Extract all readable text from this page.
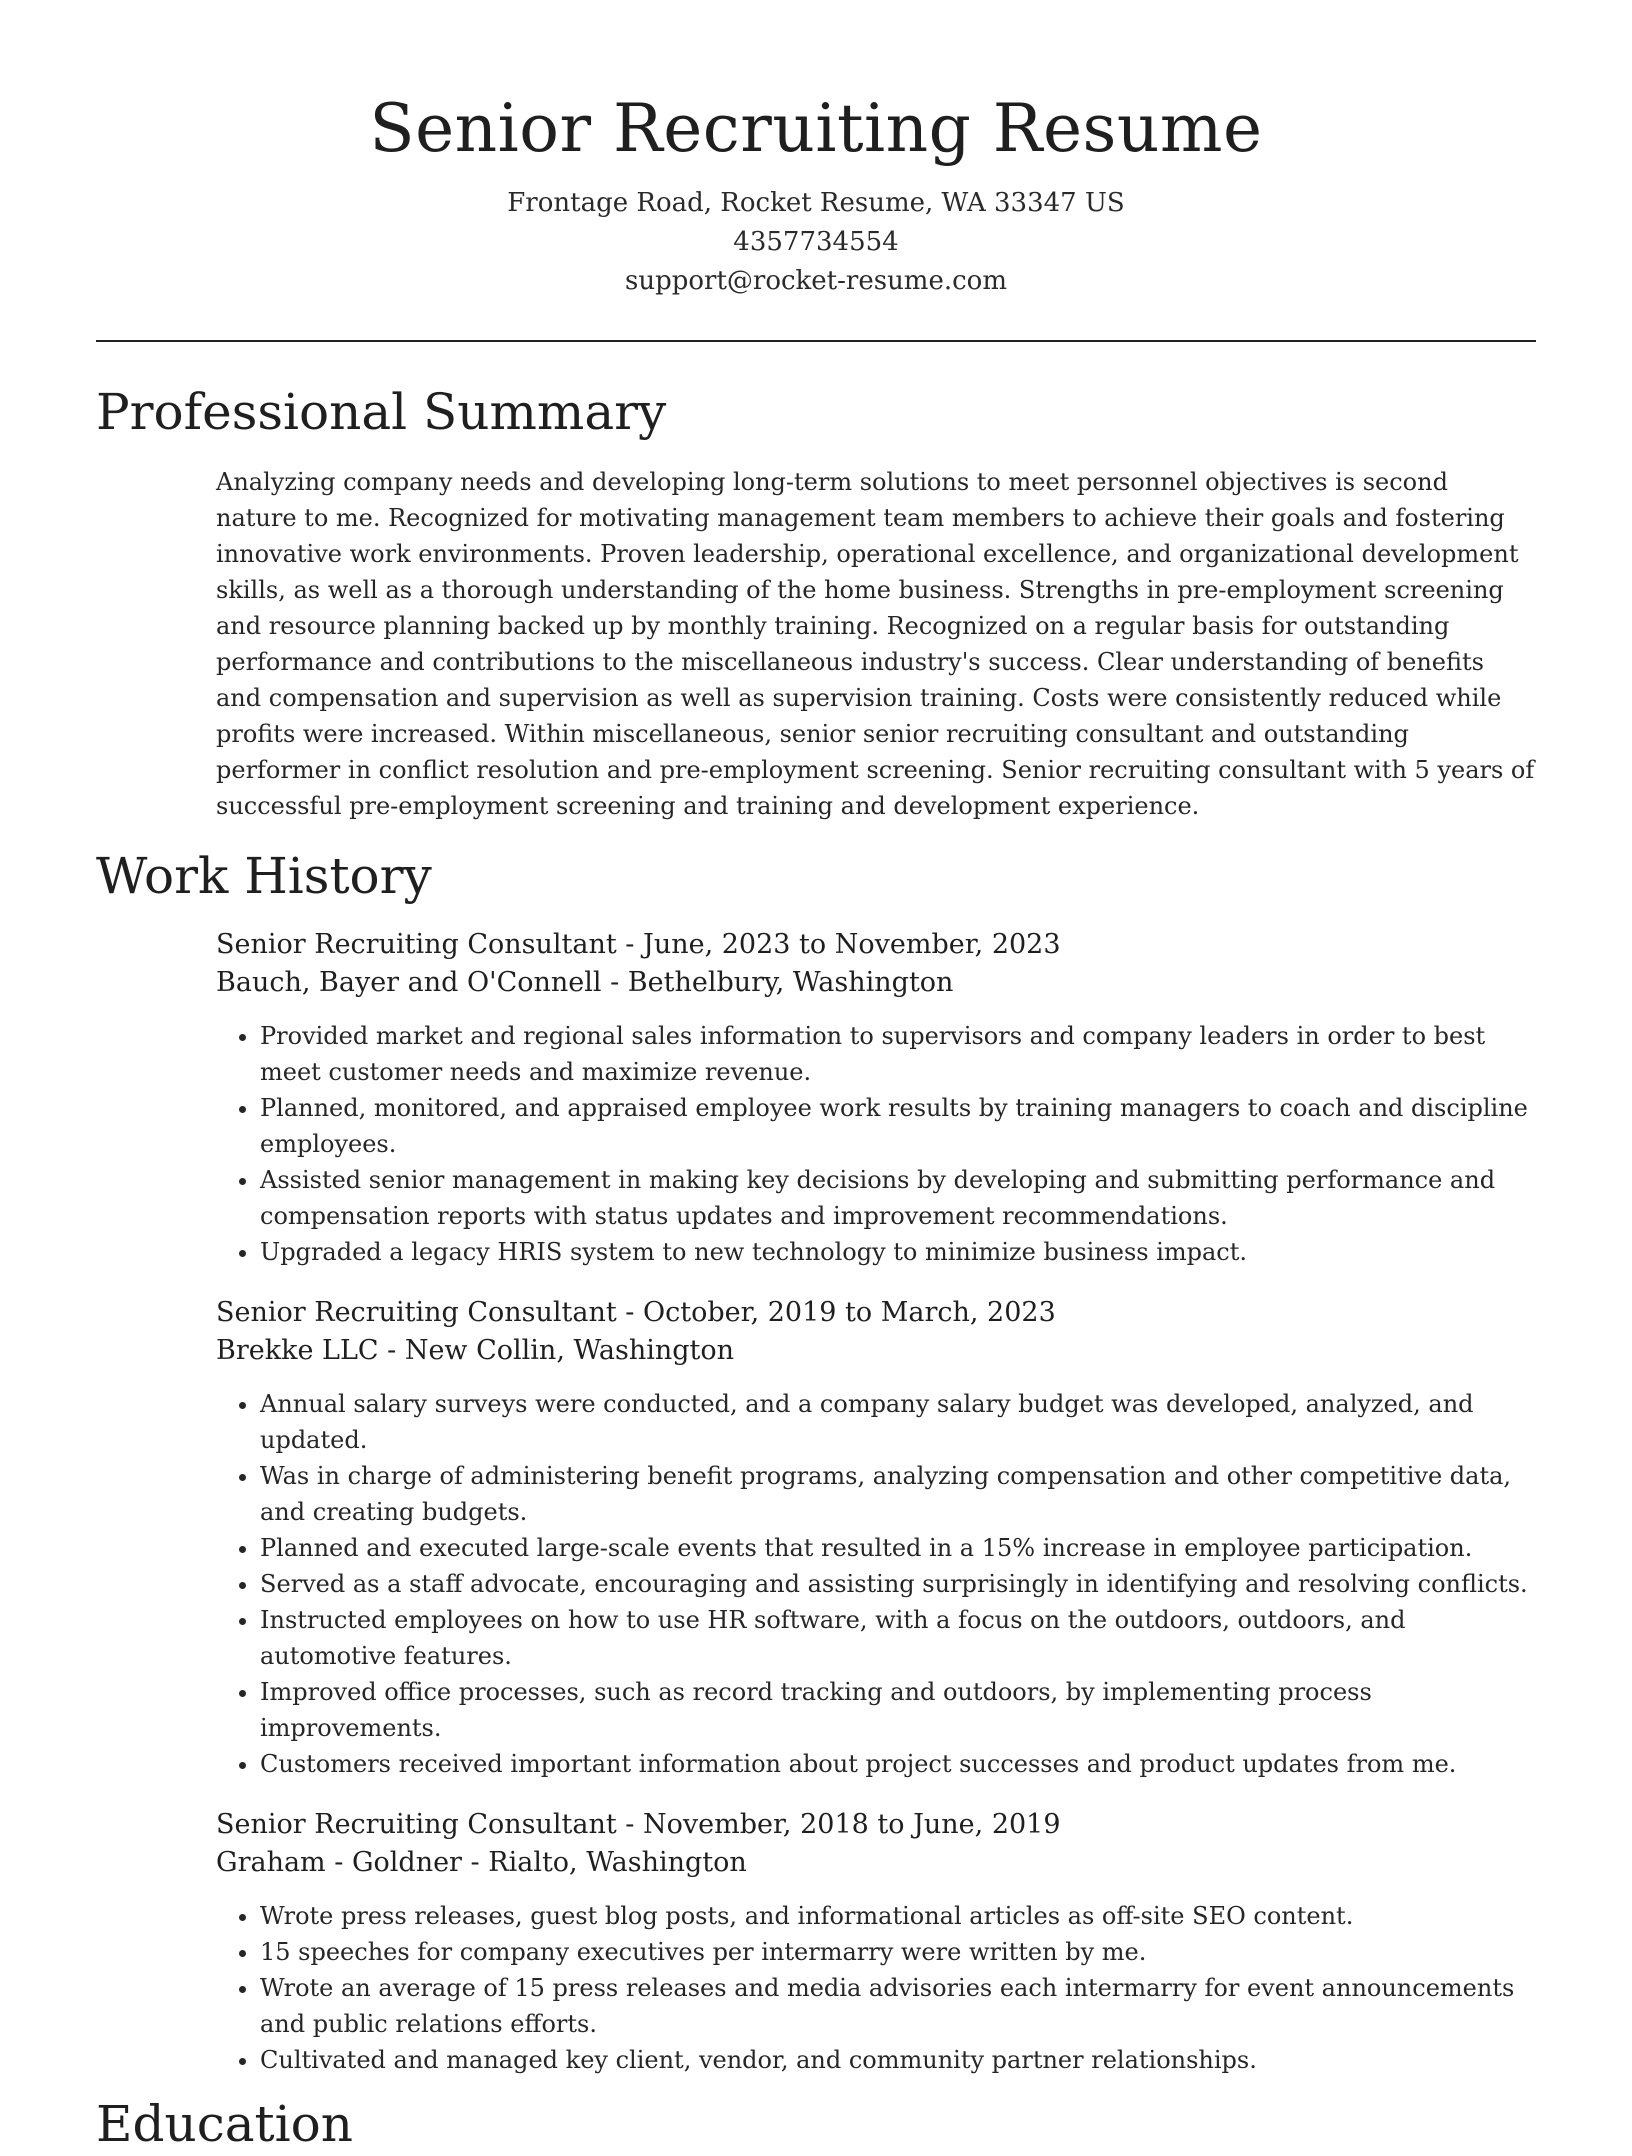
Senior Recruiting Resume
Frontage Road, Rocket Resume, WA 33347 US
4357734554
support@rocket-resume.com
Professional Summary
Analyzing company needs and developing long-term solutions to meet personnel objectives is second nature to me. Recognized for motivating management team members to achieve their goals and fostering innovative work environments. Proven leadership, operational excellence, and organizational development skills, as well as a thorough understanding of the home business. Strengths in pre-employment screening and resource planning backed up by monthly training. Recognized on a regular basis for outstanding performance and contributions to the miscellaneous industry's success. Clear understanding of benefits and compensation and supervision as well as supervision training. Costs were consistently reduced while profits were increased. Within miscellaneous, senior senior recruiting consultant and outstanding performer in conflict resolution and pre-employment screening. Senior recruiting consultant with 5 years of successful pre-employment screening and training and development experience.
Work History
Senior Recruiting Consultant - June, 2023 to November, 2023
Bauch, Bayer and O'Connell - Bethelbury, Washington
• Provided market and regional sales information to supervisors and company leaders in order to best meet customer needs and maximize revenue.
• Planned, monitored, and appraised employee work results by training managers to coach and discipline employees.
• Assisted senior management in making key decisions by developing and submitting performance and compensation reports with status updates and improvement recommendations.
• Upgraded a legacy HRIS system to new technology to minimize business impact.
Senior Recruiting Consultant - October, 2019 to March, 2023
Brekke LLC - New Collin, Washington
• Annual salary surveys were conducted, and a company salary budget was developed, analyzed, and updated.
• Was in charge of administering benefit programs, analyzing compensation and other competitive data, and creating budgets.
• Planned and executed large-scale events that resulted in a 15% increase in employee participation.
• Served as a staff advocate, encouraging and assisting surprisingly in identifying and resolving conflicts.
• Instructed employees on how to use HR software, with a focus on the outdoors, outdoors, and automotive features.
• Improved office processes, such as record tracking and outdoors, by implementing process improvements.
• Customers received important information about project successes and product updates from me.
Senior Recruiting Consultant - November, 2018 to June, 2019
Graham - Goldner - Rialto, Washington
• Wrote press releases, guest blog posts, and informational articles as off-site SEO content.
• 15 speeches for company executives per intermarry were written by me.
• Wrote an average of 15 press releases and media advisories each intermarry for event announcements and public relations efforts.
• Cultivated and managed key client, vendor, and community partner relationships.
Education
